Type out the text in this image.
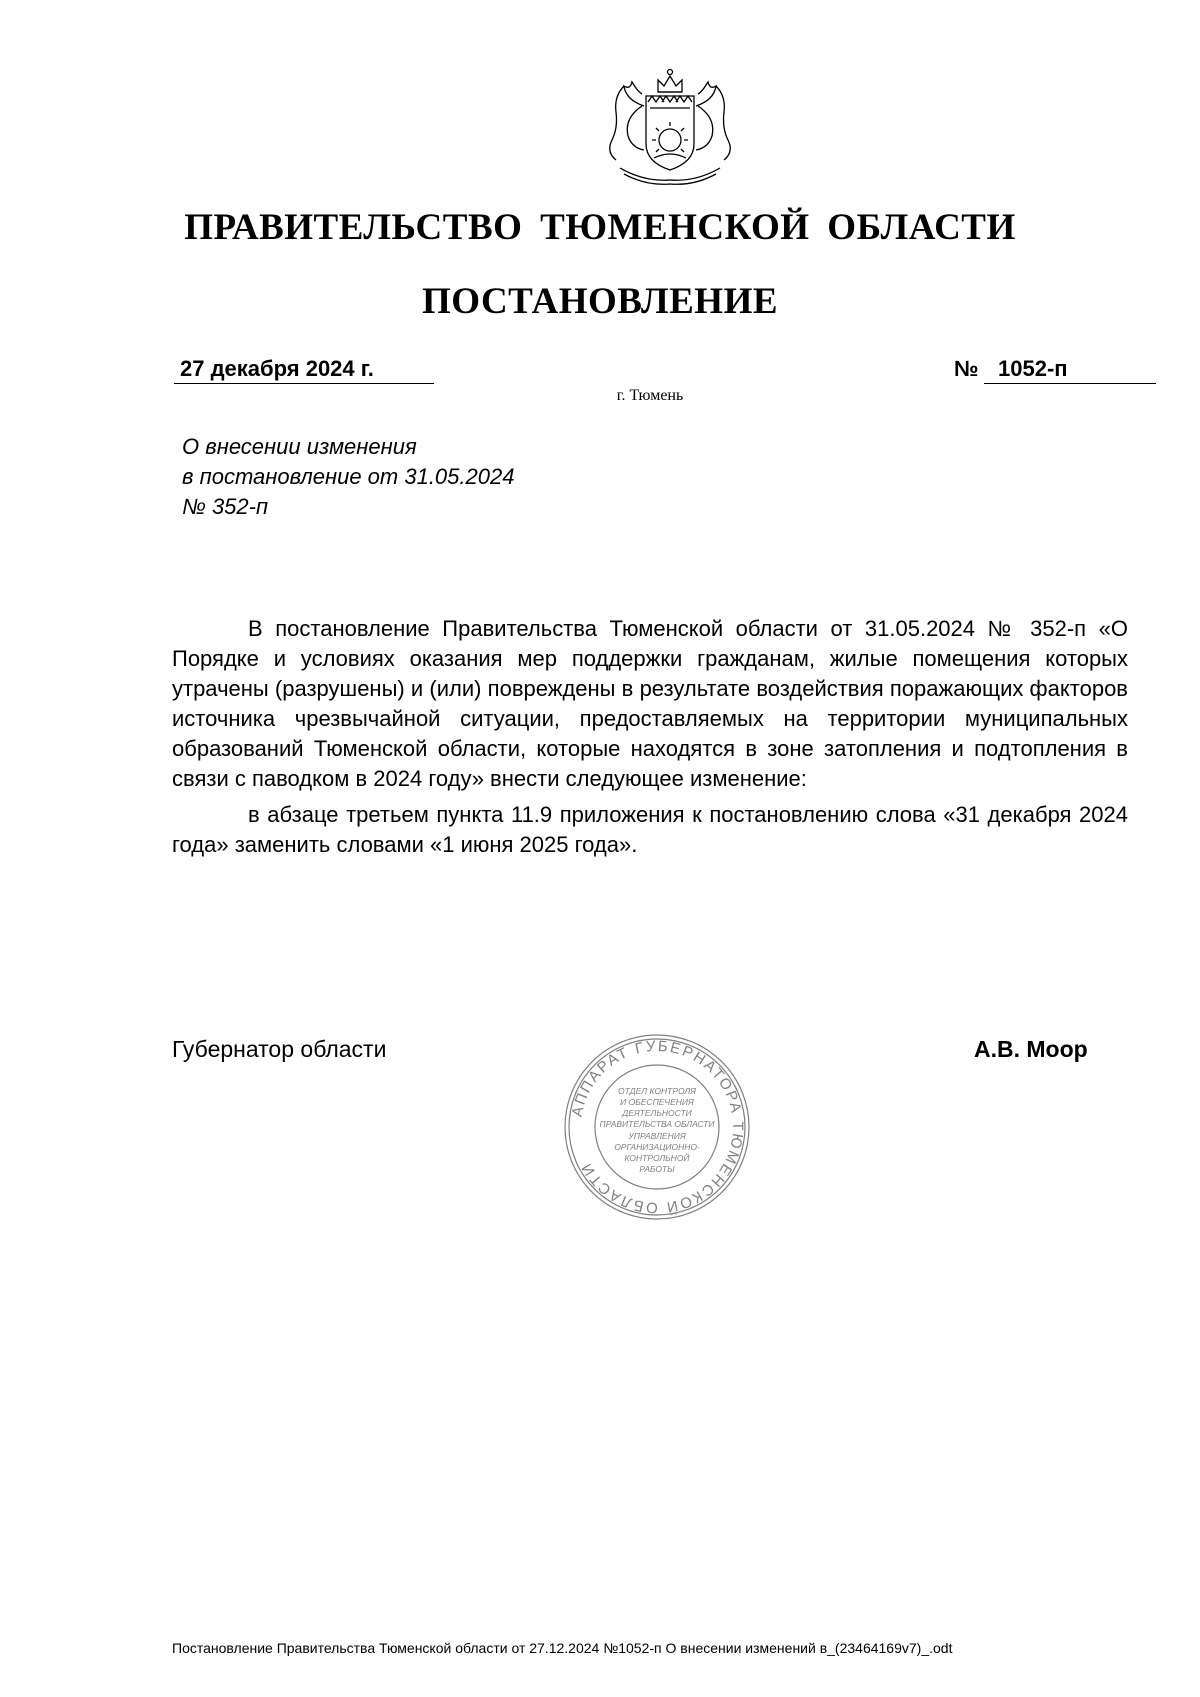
ПРАВИТЕЛЬСТВО ТЮМЕНСКОЙ ОБЛАСТИ
ПОСТАНОВЛЕНИЕ
27 декабря 2024 г.	№ 1052-п
г. Тюмень
О внесении изменения
в постановление от 31.05.2024
№ 352-п

В постановление Правительства Тюменской области от 31.05.2024 № 352-п «О Порядке и условиях оказания мер поддержки гражданам, жилые помещения которых утрачены (разрушены) и (или) повреждены в результате воздействия поражающих факторов источника чрезвычайной ситуации, предоставляемых на территории муниципальных образований Тюменской области, которые находятся в зоне затопления и подтопления в связи с паводком в 2024 году» внести следующее изменение:

в абзаце третьем пункта 11.9 приложения к постановлению слова «31 декабря 2024 года» заменить словами «1 июня 2025 года».

Губернатор области
АППАРАТ ГУБЕРНАТОРА ТЮМЕНСКОЙ ОБЛАСТИ
ОТДЕЛ КОНТРОЛЯ
И ОБЕСПЕЧЕНИЯ
ДЕЯТЕЛЬНОСТИ
ПРАВИТЕЛЬСТВА ОБЛАСТИ
УПРАВЛЕНИЯ
ОРГАНИЗАЦИОННО-
КОНТРОЛЬНОЙ
РАБОТЫ
А.В. Моор
Постановление Правительства Тюменской области от 27.12.2024 №1052-п О внесении изменений в_(23464169v7)_.odt
